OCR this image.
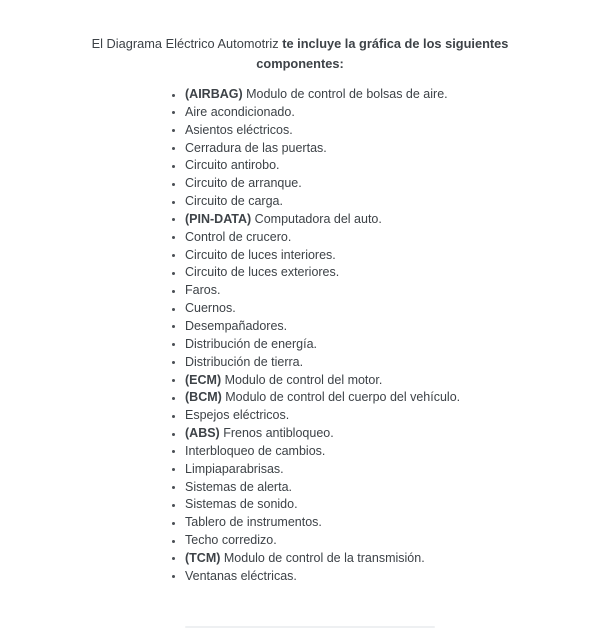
El Diagrama Eléctrico Automotriz te incluye la gráfica de los siguientes
componentes:
(AIRBAG) Modulo de control de bolsas de aire.
Aire acondicionado.
Asientos eléctricos.
Cerradura de las puertas.
Circuito antirobo.
Circuito de arranque.
Circuito de carga.
(PIN-DATA) Computadora del auto.
Control de crucero.
Circuito de luces interiores.
Circuito de luces exteriores.
Faros.
Cuernos.
Desempañadores.
Distribución de energía.
Distribución de tierra.
(ECM) Modulo de control del motor.
(BCM) Modulo de control del cuerpo del vehículo.
Espejos eléctricos.
(ABS) Frenos antibloqueo.
Interbloqueo de cambios.
Limpiaparabrisas.
Sistemas de alerta.
Sistemas de sonido.
Tablero de instrumentos.
Techo corredizo.
(TCM) Modulo de control de la transmisión.
Ventanas eléctricas.
